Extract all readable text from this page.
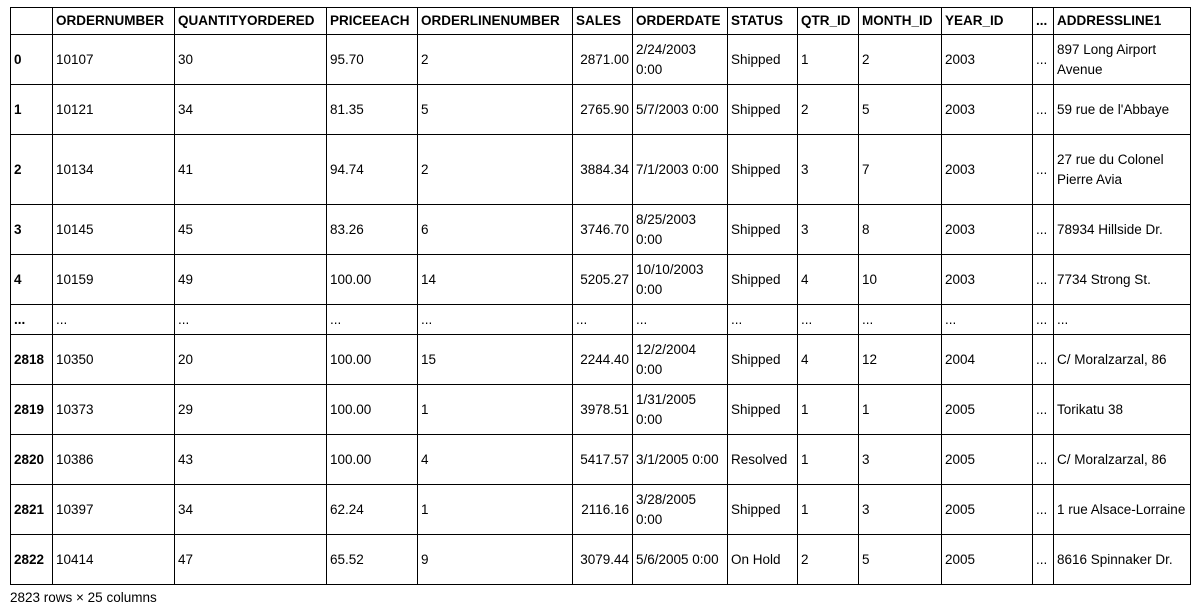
	ORDERNUMBER	QUANTITYORDERED	PRICEEACH	ORDERLINENUMBER	SALES	ORDERDATE	STATUS	QTR_ID	MONTH_ID	YEAR_ID	...	ADDRESSLINE1
0	10107	30	95.70	2	2871.00	2/24/2003 0:00	Shipped	1	2	2003	...	897 Long Airport Avenue
1	10121	34	81.35	5	2765.90	5/7/2003 0:00	Shipped	2	5	2003	...	59 rue de l'Abbaye
2	10134	41	94.74	2	3884.34	7/1/2003 0:00	Shipped	3	7	2003	...	27 rue du Colonel Pierre Avia
3	10145	45	83.26	6	3746.70	8/25/2003 0:00	Shipped	3	8	2003	...	78934 Hillside Dr.
4	10159	49	100.00	14	5205.27	10/10/2003 0:00	Shipped	4	10	2003	...	7734 Strong St.
...	...	...	...	...	...	...	...	...	...	...	...	...
2818	10350	20	100.00	15	2244.40	12/2/2004 0:00	Shipped	4	12	2004	...	C/ Moralzarzal, 86
2819	10373	29	100.00	1	3978.51	1/31/2005 0:00	Shipped	1	1	2005	...	Torikatu 38
2820	10386	43	100.00	4	5417.57	3/1/2005 0:00	Resolved	1	3	2005	...	C/ Moralzarzal, 86
2821	10397	34	62.24	1	2116.16	3/28/2005 0:00	Shipped	1	3	2005	...	1 rue Alsace-Lorraine
2822	10414	47	65.52	9	3079.44	5/6/2005 0:00	On Hold	2	5	2005	...	8616 Spinnaker Dr.
2823 rows × 25 columns
